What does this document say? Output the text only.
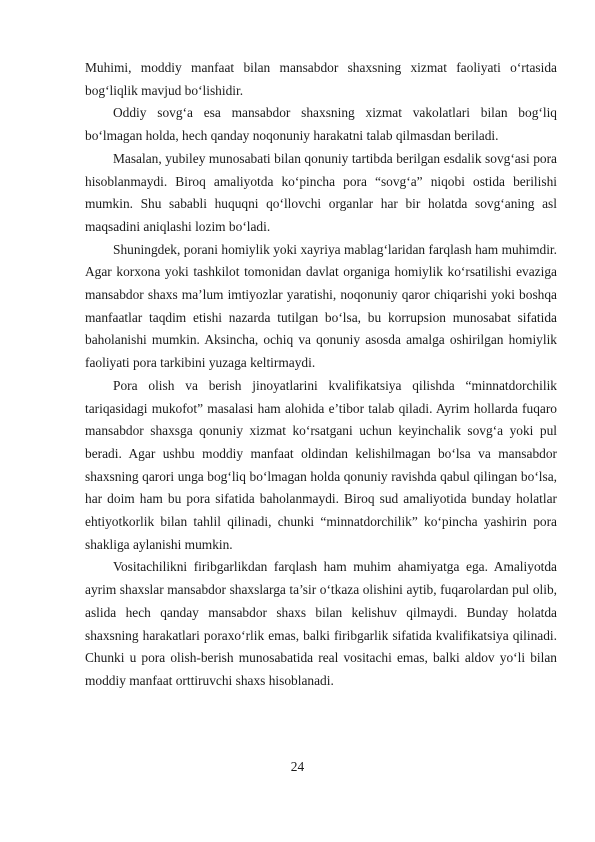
Muhimi, moddiy manfaat bilan mansabdor shaxsning xizmat faoliyati o‘rtasida bog‘liqlik mavjud bo‘lishidir.

Oddiy sovg‘a esa mansabdor shaxsning xizmat vakolatlari bilan bog‘liq bo‘lmagan holda, hech qanday noqonuniy harakatni talab qilmasdan beriladi.

Masalan, yubiley munosabati bilan qonuniy tartibda berilgan esdalik sovg‘asi pora hisoblanmaydi. Biroq amaliyotda ko‘pincha pora “sovg‘a” niqobi ostida berilishi mumkin. Shu sababli huquqni qo‘llovchi organlar har bir holatda sovg‘aning asl maqsadini aniqlashi lozim bo‘ladi.

Shuningdek, porani homiylik yoki xayriya mablag‘laridan farqlash ham muhimdir. Agar korxona yoki tashkilot tomonidan davlat organiga homiylik ko‘rsatilishi evaziga mansabdor shaxs ma’lum imtiyozlar yaratishi, noqonuniy qaror chiqarishi yoki boshqa manfaatlar taqdim etishi nazarda tutilgan bo‘lsa, bu korrupsion munosabat sifatida baholanishi mumkin. Aksincha, ochiq va qonuniy asosda amalga oshirilgan homiylik faoliyati pora tarkibini yuzaga keltirmaydi.

Pora olish va berish jinoyatlarini kvalifikatsiya qilishda “minnatdorchilik tariqasidagi mukofot” masalasi ham alohida e’tibor talab qiladi. Ayrim hollarda fuqaro mansabdor shaxsga qonuniy xizmat ko‘rsatgani uchun keyinchalik sovg‘a yoki pul beradi. Agar ushbu moddiy manfaat oldindan kelishilmagan bo‘lsa va mansabdor shaxsning qarori unga bog‘liq bo‘lmagan holda qonuniy ravishda qabul qilingan bo‘lsa, har doim ham bu pora sifatida baholanmaydi. Biroq sud amaliyotida bunday holatlar ehtiyotkorlik bilan tahlil qilinadi, chunki “minnatdorchilik” ko‘pincha yashirin pora shakliga aylanishi mumkin.

Vositachilikni firibgarlikdan farqlash ham muhim ahamiyatga ega. Amaliyotda ayrim shaxslar mansabdor shaxslarga ta’sir o‘tkaza olishini aytib, fuqarolardan pul olib, aslida hech qanday mansabdor shaxs bilan kelishuv qilmaydi. Bunday holatda shaxsning harakatlari poraxo‘rlik emas, balki firibgarlik sifatida kvalifikatsiya qilinadi. Chunki u pora olish-berish munosabatida real vositachi emas, balki aldov yo‘li bilan moddiy manfaat orttiruvchi shaxs hisoblanadi.

24
